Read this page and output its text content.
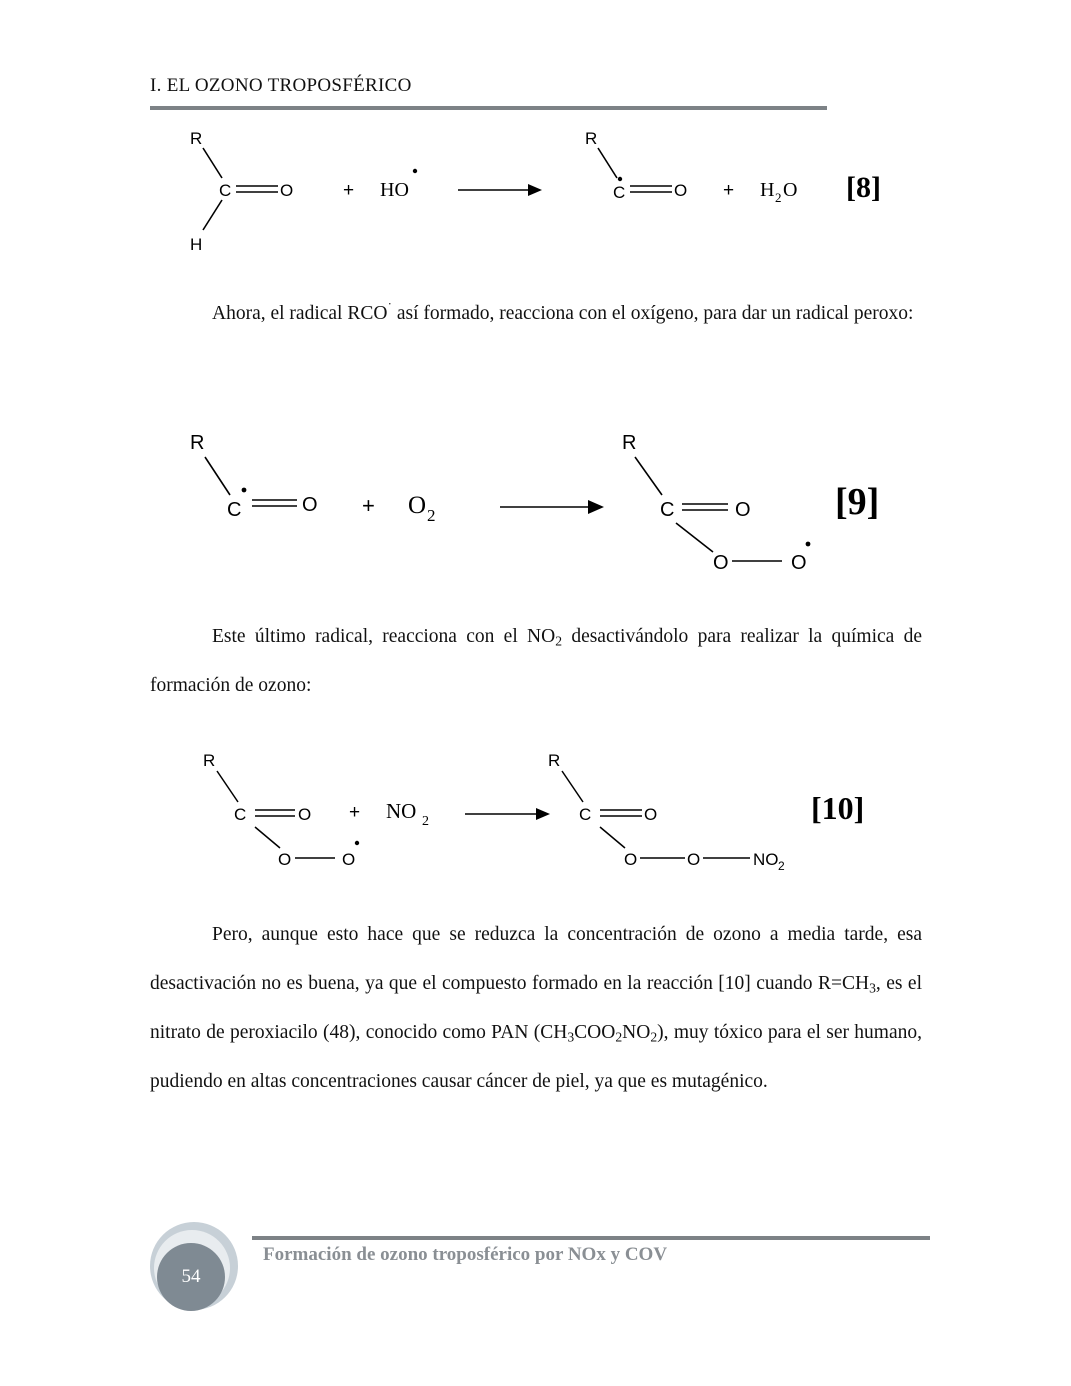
I. EL OZONO TROPOSFÉRICO
R
C	O
H
+ HO
R
C	O + H 2 O [8]
Ahora, el radical RCO˙ así formado, reacciona con el oxígeno, para dar un radical peroxo:
R
C	O + O 2
R
C	O
O	O
[9]
Este último radical, reacciona con el $NO_2$ desactivándolo para realizar la química de formación de ozono:
R
C	O
O	O
+ NO 2
R
C	O
O	O	NO 2
[10]
Pero, aunque esto hace que se reduzca la concentración de ozono a media tarde, esa desactivación no es buena, ya que el compuesto formado en la reacción [10] cuando $R=CH_3$, es el nitrato de peroxiacilo (48), conocido como PAN $(CH_3COO_2NO_2)$, muy tóxico para el ser humano, pudiendo en altas concentraciones causar cáncer de piel, ya que es mutagénico.
Formación de ozono troposférico por NOx y COV
54
